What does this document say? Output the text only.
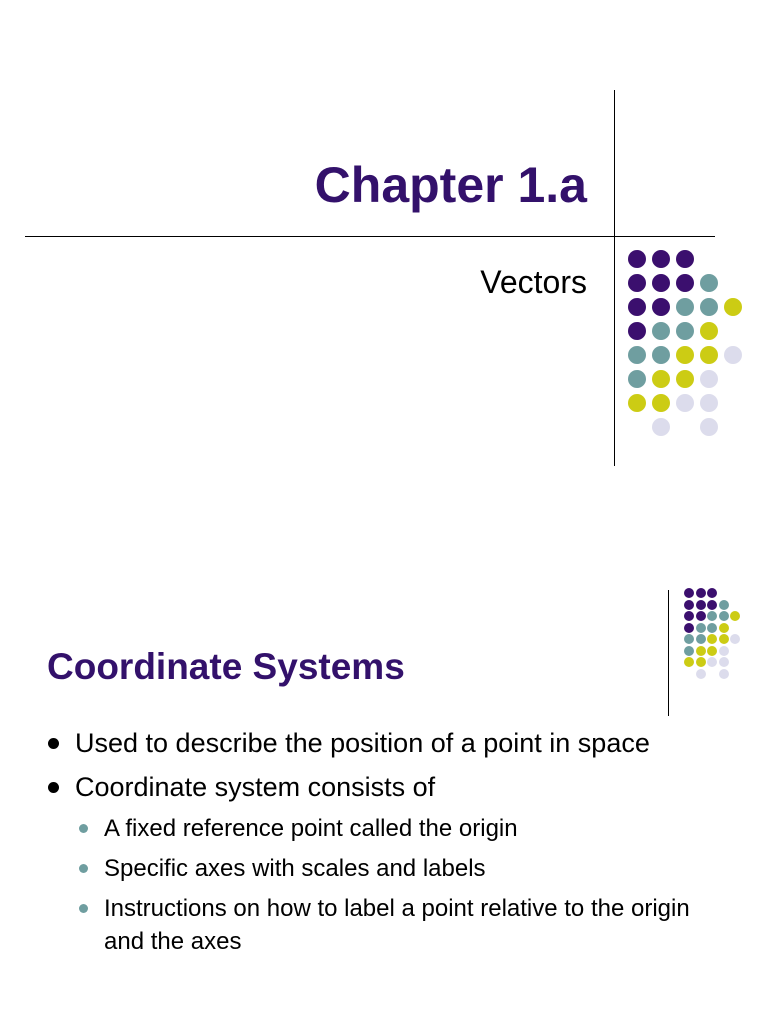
Chapter 1.a
Vectors
Coordinate Systems
Used to describe the position of a point in space
Coordinate system consists of
A fixed reference point called the origin
Specific axes with scales and labels
Instructions on how to label a point relative to the origin and the axes
